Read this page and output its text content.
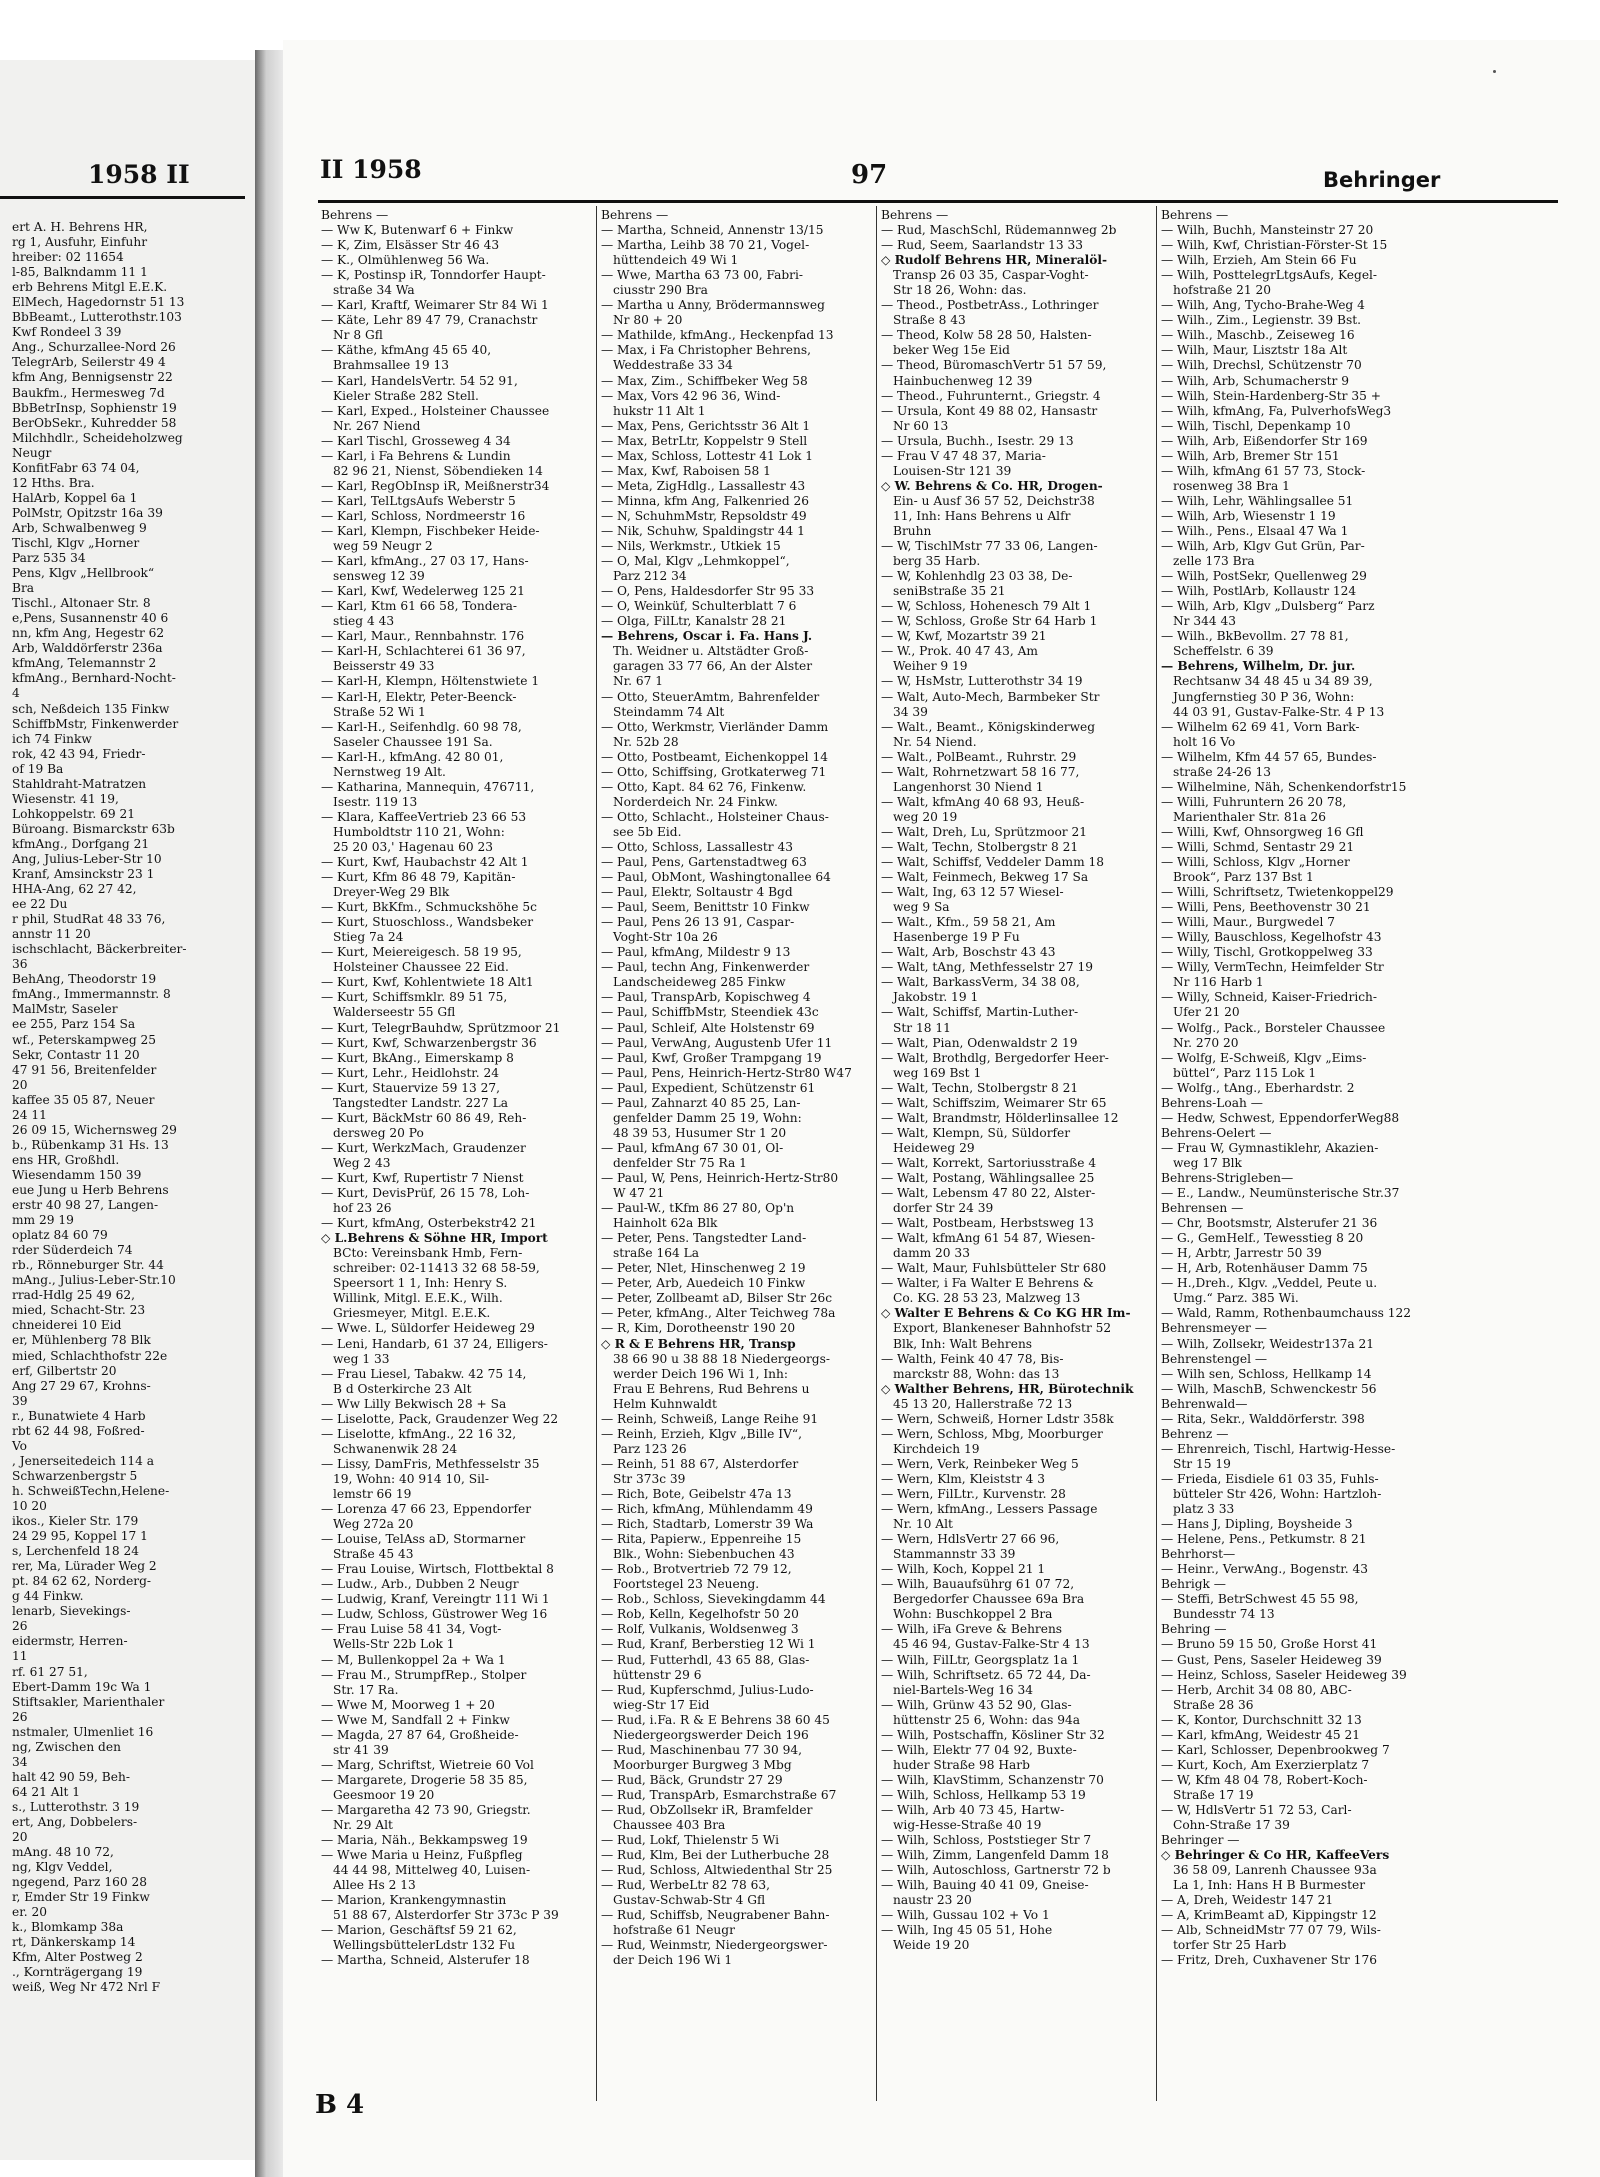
1958 II
ert A. H. Behrens HR,
rg 1, Ausfuhr, Einfuhr
hreiber: 02 11654
l-85, Balkndamm 11 1
erb Behrens Mitgl E.E.K.
ElMech, Hagedornstr 51 13
BbBeamt., Lutterothstr.103
Kwf Rondeel 3 39
Ang., Schurzallee-Nord 26
TelegrArb, Seilerstr 49 4
kfm Ang, Bennigsenstr 22
Baukfm., Hermesweg 7d
BbBetrInsp, Sophienstr 19
BerObSekr., Kuhredder 58
Milchhdlr., Scheideholzweg
Neugr
KonfitFabr 63 74 04,
12 Hths. Bra.
HalArb, Koppel 6a 1
PolMstr, Opitzstr 16a 39
Arb, Schwalbenweg 9
Tischl, Klgv „Horner
Parz 535 34
Pens, Klgv „Hellbrook“
Bra
Tischl., Altonaer Str. 8
e,Pens, Susannenstr 40 6
nn, kfm Ang, Hegestr 62
Arb, Walddörferstr 236a
kfmAng, Telemannstr 2
kfmAng., Bernhard-Nocht-
4
sch, Neßdeich 135 Finkw
SchiffbMstr, Finkenwerder
ich 74 Finkw
rok, 42 43 94, Friedr-
of 19 Ba
Stahldraht-Matratzen
Wiesenstr. 41 19,
Lohkoppelstr. 69 21
Büroang. Bismarckstr 63b
kfmAng., Dorfgang 21
Ang, Julius-Leber-Str 10
Kranf, Amsinckstr 23 1
HHA-Ang, 62 27 42,
ee 22 Du
r phil, StudRat 48 33 76,
annstr 11 20
ischschlacht, Bäckerbreiter-
36
BehAng, Theodorstr 19
fmAng., Immermannstr. 8
MalMstr, Saseler
ee 255, Parz 154 Sa
wf., Peterskampweg 25
Sekr, Contastr 11 20
47 91 56, Breitenfelder
20
kaffee 35 05 87, Neuer
24 11
26 09 15, Wichernsweg 29
b., Rübenkamp 31 Hs. 13
ens HR, Großhdl.
Wiesendamm 150 39
eue Jung u Herb Behrens
erstr 40 98 27, Langen-
mm 29 19
oplatz 84 60 79
rder Süderdeich 74
rb., Rönneburger Str. 44
mAng., Julius-Leber-Str.10
rrad-Hdlg 25 49 62,
mied, Schacht-Str. 23
chneiderei 10 Eid
er, Mühlenberg 78 Blk
mied, Schlachthofstr 22e
erf, Gilbertstr 20
Ang 27 29 67, Krohns-
39
r., Bunatwiete 4 Harb
rbt 62 44 98, Foßred-
Vo
, Jenerseitedeich 114 a
Schwarzenbergstr 5
h. SchweißTechn,Helene-
10 20
ikos., Kieler Str. 179
24 29 95, Koppel 17 1
s, Lerchenfeld 18 24
rer, Ma, Lürader Weg 2
pt. 84 62 62, Norderg-
g 44 Finkw.
lenarb, Sievekings-
26
eidermstr, Herren-
11
rf. 61 27 51,
Ebert-Damm 19c Wa 1
Stiftsakler, Marienthaler
26
nstmaler, Ulmenliet 16
ng, Zwischen den
34
halt 42 90 59, Beh-
64 21 Alt 1
s., Lutterothstr. 3 19
ert, Ang, Dobbelers-
20
mAng. 48 10 72,
ng, Klgv Veddel,
ngegend, Parz 160 28
r, Emder Str 19 Finkw
er. 20
k., Blomkamp 38a
rt, Dänkerskamp 14
Kfm, Alter Postweg 2
., Kornträgergang 19
weiß, Weg Nr 472 Nrl F
II 1958	97	Behringer
Behrens —
— Ww K, Butenwarf 6 + Finkw
— K, Zim, Elsässer Str 46 43
— K., Olmühlenweg 56 Wa.
— K, Postinsp iR, Tonndorfer Haupt-
straße 34 Wa
— Karl, Kraftf, Weimarer Str 84 Wi 1
— Käte, Lehr 89 47 79, Cranachstr
Nr 8 Gfl
— Käthe, kfmAng 45 65 40,
Brahmsallee 19 13
— Karl, HandelsVertr. 54 52 91,
Kieler Straße 282 Stell.
— Karl, Exped., Holsteiner Chaussee
Nr. 267 Niend
— Karl Tischl, Grosseweg 4 34
— Karl, i Fa Behrens & Lundin
82 96 21, Nienst, Söbendieken 14
— Karl, RegObInsp iR, Meißnerstr34
— Karl, TelLtgsAufs Weberstr 5
— Karl, Schloss, Nordmeerstr 16
— Karl, Klempn, Fischbeker Heide-
weg 59 Neugr 2
— Karl, kfmAng., 27 03 17, Hans-
sensweg 12 39
— Karl, Kwf, Wedelerweg 125 21
— Karl, Ktm 61 66 58, Tondera-
stieg 4 43
— Karl, Maur., Rennbahnstr. 176
— Karl-H, Schlachterei 61 36 97,
Beisserstr 49 33
— Karl-H, Klempn, Höltenstwiete 1
— Karl-H, Elektr, Peter-Beenck-
Straße 52 Wi 1
— Karl-H., Seifenhdlg. 60 98 78,
Saseler Chaussee 191 Sa.
— Karl-H., kfmAng. 42 80 01,
Nernstweg 19 Alt.
— Katharina, Mannequin, 476711,
Isestr. 119 13
— Klara, KaffeeVertrieb 23 66 53
Humboldtstr 110 21, Wohn:
25 20 03,' Hagenau 60 23
— Kurt, Kwf, Haubachstr 42 Alt 1
— Kurt, Kfm 86 48 79, Kapitän-
Dreyer-Weg 29 Blk
— Kurt, BkKfm., Schmuckshöhe 5c
— Kurt, Stuoschloss., Wandsbeker
Stieg 7a 24
— Kurt, Meiereigesch. 58 19 95,
Holsteiner Chaussee 22 Eid.
— Kurt, Kwf, Kohlentwiete 18 Alt1
— Kurt, Schiffsmklr. 89 51 75,
Walderseestr 55 Gfl
— Kurt, TelegrBauhdw, Sprützmoor 21
— Kurt, Kwf, Schwarzenbergstr 36
— Kurt, BkAng., Eimerskamp 8
— Kurt, Lehr., Heidlohstr. 24
— Kurt, Stauervize 59 13 27,
Tangstedter Landstr. 227 La
— Kurt, BäckMstr 60 86 49, Reh-
dersweg 20 Po
— Kurt, WerkzMach, Graudenzer
Weg 2 43
— Kurt, Kwf, Rupertistr 7 Nienst
— Kurt, DevisPrüf, 26 15 78, Loh-
hof 23 26
— Kurt, kfmAng, Osterbekstr42 21
◇ L.Behrens & Söhne HR, Import
BCto: Vereinsbank Hmb, Fern-
schreiber: 02-11413 32 68 58-59,
Speersort 1 1, Inh: Henry S.
Willink, Mitgl. E.E.K., Wilh.
Griesmeyer, Mitgl. E.E.K.
— Wwe. L, Süldorfer Heideweg 29
— Leni, Handarb, 61 37 24, Elligers-
weg 1 33
— Frau Liesel, Tabakw. 42 75 14,
B d Osterkirche 23 Alt
— Ww Lilly Bekwisch 28 + Sa
— Liselotte, Pack, Graudenzer Weg 22
— Liselotte, kfmAng., 22 16 32,
Schwanenwik 28 24
— Lissy, DamFris, Methfesselstr 35
19, Wohn: 40 914 10, Sil-
lemstr 66 19
— Lorenza 47 66 23, Eppendorfer
Weg 272a 20
— Louise, TelAss aD, Stormarner
Straße 45 43
— Frau Louise, Wirtsch, Flottbektal 8
— Ludw., Arb., Dubben 2 Neugr
— Ludwig, Kranf, Vereingtr 111 Wi 1
— Ludw, Schloss, Güstrower Weg 16
— Frau Luise 58 41 34, Vogt-
Wells-Str 22b Lok 1
— M, Bullenkoppel 2a + Wa 1
— Frau M., StrumpfRep., Stolper
Str. 17 Ra.
— Wwe M, Moorweg 1 + 20
— Wwe M, Sandfall 2 + Finkw
— Magda, 27 87 64, Großheide-
str 41 39
— Marg, Schriftst, Wietreie 60 Vol
— Margarete, Drogerie 58 35 85,
Geesmoor 19 20
— Margaretha 42 73 90, Griegstr.
Nr. 29 Alt
— Maria, Näh., Bekkampsweg 19
— Wwe Maria u Heinz, Fußpfleg
44 44 98, Mittelweg 40, Luisen-
Allee Hs 2 13
— Marion, Krankengymnastin
51 88 67, Alsterdorfer Str 373c P 39
— Marion, Geschäftsf 59 21 62,
WellingsbüttelerLdstr 132 Fu
— Martha, Schneid, Alsterufer 18
Behrens —
— Martha, Schneid, Annenstr 13/15
— Martha, Leihb 38 70 21, Vogel-
hüttendeich 49 Wi 1
— Wwe, Martha 63 73 00, Fabri-
ciusstr 290 Bra
— Martha u Anny, Brödermannsweg
Nr 80 + 20
— Mathilde, kfmAng., Heckenpfad 13
— Max, i Fa Christopher Behrens,
Weddestraße 33 34
— Max, Zim., Schiffbeker Weg 58
— Max, Vors 42 96 36, Wind-
hukstr 11 Alt 1
— Max, Pens, Gerichtsstr 36 Alt 1
— Max, BetrLtr, Koppelstr 9 Stell
— Max, Schloss, Lottestr 41 Lok 1
— Max, Kwf, Raboisen 58 1
— Meta, ZigHdlg., Lassallestr 43
— Minna, kfm Ang, Falkenried 26
— N, SchuhmMstr, Repsoldstr 49
— Nik, Schuhw, Spaldingstr 44 1
— Nils, Werkmstr., Utkiek 15
— O, Mal, Klgv „Lehmkoppel“,
Parz 212 34
— O, Pens, Haldesdorfer Str 95 33
— O, Weinküf, Schulterblatt 7 6
— Olga, FilLtr, Kanalstr 28 21
— Behrens, Oscar i. Fa. Hans J.
Th. Weidner u. Altstädter Groß-
garagen 33 77 66, An der Alster
Nr. 67 1
— Otto, SteuerAmtm, Bahrenfelder
Steindamm 74 Alt
— Otto, Werkmstr, Vierländer Damm
Nr. 52b 28
— Otto, Postbeamt, Eichenkoppel 14
— Otto, Schiffsing, Grotkaterweg 71
— Otto, Kapt. 84 62 76, Finkenw.
Norderdeich Nr. 24 Finkw.
— Otto, Schlacht., Holsteiner Chaus-
see 5b Eid.
— Otto, Schloss, Lassallestr 43
— Paul, Pens, Gartenstadtweg 63
— Paul, ObMont, Washingtonallee 64
— Paul, Elektr, Soltaustr 4 Bgd
— Paul, Seem, Benittstr 10 Finkw
— Paul, Pens 26 13 91, Caspar-
Voght-Str 10a 26
— Paul, kfmAng, Mildestr 9 13
— Paul, techn Ang, Finkenwerder
Landscheideweg 285 Finkw
— Paul, TranspArb, Kopischweg 4
— Paul, SchiffbMstr, Steendiek 43c
— Paul, Schleif, Alte Holstenstr 69
— Paul, VerwAng, Augustenb Ufer 11
— Paul, Kwf, Großer Trampgang 19
— Paul, Pens, Heinrich-Hertz-Str80 W47
— Paul, Expedient, Schützenstr 61
— Paul, Zahnarzt 40 85 25, Lan-
genfelder Damm 25 19, Wohn:
48 39 53, Husumer Str 1 20
— Paul, kfmAng 67 30 01, Ol-
denfelder Str 75 Ra 1
— Paul, W, Pens, Heinrich-Hertz-Str80
W 47 21
— Paul-W., tKfm 86 27 80, Op'n
Hainholt 62a Blk
— Peter, Pens. Tangstedter Land-
straße 164 La
— Peter, Nlet, Hinschenweg 2 19
— Peter, Arb, Auedeich 10 Finkw
— Peter, Zollbeamt aD, Bilser Str 26c
— Peter, kfmAng., Alter Teichweg 78a
— R, Kim, Dorotheenstr 190 20
◇ R & E Behrens HR, Transp
38 66 90 u 38 88 18 Niedergeorgs-
werder Deich 196 Wi 1, Inh:
Frau E Behrens, Rud Behrens u
Helm Kuhnwaldt
— Reinh, Schweiß, Lange Reihe 91
— Reinh, Erzieh, Klgv „Bille IV“,
Parz 123 26
— Reinh, 51 88 67, Alsterdorfer
Str 373c 39
— Rich, Bote, Geibelstr 47a 13
— Rich, kfmAng, Mühlendamm 49
— Rich, Stadtarb, Lomerstr 39 Wa
— Rita, Papierw., Eppenreihe 15
Blk., Wohn: Siebenbuchen 43
— Rob., Brotvertrieb 72 79 12,
Foortstegel 23 Neueng.
— Rob., Schloss, Sievekingdamm 44
— Rob, Kelln, Kegelhofstr 50 20
— Rolf, Vulkanis, Woldsenweg 3
— Rud, Kranf, Berberstieg 12 Wi 1
— Rud, Futterhdl, 43 65 88, Glas-
hüttenstr 29 6
— Rud, Kupferschmd, Julius-Ludo-
wieg-Str 17 Eid
— Rud, i.Fa. R & E Behrens 38 60 45
Niedergeorgswerder Deich 196
— Rud, Maschinenbau 77 30 94,
Moorburger Burgweg 3 Mbg
— Rud, Bäck, Grundstr 27 29
— Rud, TranspArb, Esmarchstraße 67
— Rud, ObZollsekr iR, Bramfelder
Chaussee 403 Bra
— Rud, Lokf, Thielenstr 5 Wi
— Rud, Klm, Bei der Lutherbuche 28
— Rud, Schloss, Altwiedenthal Str 25
— Rud, WerbeLtr 82 78 63,
Gustav-Schwab-Str 4 Gfl
— Rud, Schiffsb, Neugrabener Bahn-
hofstraße 61 Neugr
— Rud, Weinmstr, Niedergeorgswer-
der Deich 196 Wi 1
Behrens —
— Rud, MaschSchl, Rüdemannweg 2b
— Rud, Seem, Saarlandstr 13 33
◇ Rudolf Behrens HR, Mineralöl-
Transp 26 03 35, Caspar-Voght-
Str 18 26, Wohn: das.
— Theod., PostbetrAss., Lothringer
Straße 8 43
— Theod, Kolw 58 28 50, Halsten-
beker Weg 15e Eid
— Theod, BüromaschVertr 51 57 59,
Hainbuchenweg 12 39
— Theod., Fuhrunternt., Griegstr. 4
— Ursula, Kont 49 88 02, Hansastr
Nr 60 13
— Ursula, Buchh., Isestr. 29 13
— Frau V 47 48 37, Maria-
Louisen-Str 121 39
◇ W. Behrens & Co. HR, Drogen-
Ein- u Ausf 36 57 52, Deichstr38
11, Inh: Hans Behrens u Alfr
Bruhn
— W, TischlMstr 77 33 06, Langen-
berg 35 Harb.
— W, Kohlenhdlg 23 03 38, De-
seniBstraße 35 21
— W, Schloss, Hohenesch 79 Alt 1
— W, Schloss, Große Str 64 Harb 1
— W, Kwf, Mozartstr 39 21
— W., Prok. 40 47 43, Am
Weiher 9 19
— W, HsMstr, Lutterothstr 34 19
— Walt, Auto-Mech, Barmbeker Str
34 39
— Walt., Beamt., Königskinderweg
Nr. 54 Niend.
— Walt., PolBeamt., Ruhrstr. 29
— Walt, Rohrnetzwart 58 16 77,
Langenhorst 30 Niend 1
— Walt, kfmAng 40 68 93, Heuß-
weg 20 19
— Walt, Dreh, Lu, Sprützmoor 21
— Walt, Techn, Stolbergstr 8 21
— Walt, Schiffsf, Veddeler Damm 18
— Walt, Feinmech, Bekweg 17 Sa
— Walt, Ing, 63 12 57 Wiesel-
weg 9 Sa
— Walt., Kfm., 59 58 21, Am
Hasenberge 19 P Fu
— Walt, Arb, Boschstr 43 43
— Walt, tAng, Methfesselstr 27 19
— Walt, BarkassVerm, 34 38 08,
Jakobstr. 19 1
— Walt, Schiffsf, Martin-Luther-
Str 18 11
— Walt, Pian, Odenwaldstr 2 19
— Walt, Brothdlg, Bergedorfer Heer-
weg 169 Bst 1
— Walt, Techn, Stolbergstr 8 21
— Walt, Schiffszim, Weimarer Str 65
— Walt, Brandmstr, Hölderlinsallee 12
— Walt, Klempn, Sü, Süldorfer
Heideweg 29
— Walt, Korrekt, Sartoriusstraße 4
— Walt, Postang, Wählingsallee 25
— Walt, Lebensm 47 80 22, Alster-
dorfer Str 24 39
— Walt, Postbeam, Herbstsweg 13
— Walt, kfmAng 61 54 87, Wiesen-
damm 20 33
— Walt, Maur, Fuhlsbütteler Str 680
— Walter, i Fa Walter E Behrens &
Co. KG. 28 53 23, Malzweg 13
◇ Walter E Behrens & Co KG HR Im-
Export, Blankeneser Bahnhofstr 52
Blk, Inh: Walt Behrens
— Walth, Feink 40 47 78, Bis-
marckstr 88, Wohn: das 13
◇ Walther Behrens, HR, Bürotechnik
45 13 20, Hallerstraße 72 13
— Wern, Schweiß, Horner Ldstr 358k
— Wern, Schloss, Mbg, Moorburger
Kirchdeich 19
— Wern, Verk, Reinbeker Weg 5
— Wern, Klm, Kleiststr 4 3
— Wern, FilLtr., Kurvenstr. 28
— Wern, kfmAng., Lessers Passage
Nr. 10 Alt
— Wern, HdlsVertr 27 66 96,
Stammannstr 33 39
— Wilh, Koch, Koppel 21 1
— Wilh, Bauaufsührg 61 07 72,
Bergedorfer Chaussee 69a Bra
Wohn: Buschkoppel 2 Bra
— Wilh, iFa Greve & Behrens
45 46 94, Gustav-Falke-Str 4 13
— Wilh, FilLtr, Georgsplatz 1a 1
— Wilh, Schriftsetz. 65 72 44, Da-
niel-Bartels-Weg 16 34
— Wilh, Grünw 43 52 90, Glas-
hüttenstr 25 6, Wohn: das 94a
— Wilh, Postschaffn, Kösliner Str 32
— Wilh, Elektr 77 04 92, Buxte-
huder Straße 98 Harb
— Wilh, KlavStimm, Schanzenstr 70
— Wilh, Schloss, Hellkamp 53 19
— Wilh, Arb 40 73 45, Hartw-
wig-Hesse-Straße 40 19
— Wilh, Schloss, Poststieger Str 7
— Wilh, Zimm, Langenfeld Damm 18
— Wilh, Autoschloss, Gartnerstr 72 b
— Wilh, Bauing 40 41 09, Gneise-
naustr 23 20
— Wilh, Gussau 102 + Vo 1
— Wilh, Ing 45 05 51, Hohe
Weide 19 20
Behrens —
— Wilh, Buchh, Mansteinstr 27 20
— Wilh, Kwf, Christian-Förster-St 15
— Wilh, Erzieh, Am Stein 66 Fu
— Wilh, PosttelegrLtgsAufs, Kegel-
hofstraße 21 20
— Wilh, Ang, Tycho-Brahe-Weg 4
— Wilh., Zim., Legienstr. 39 Bst.
— Wilh., Maschb., Zeiseweg 16
— Wilh, Maur, Lisztstr 18a Alt
— Wilh, Drechsl, Schützenstr 70
— Wilh, Arb, Schumacherstr 9
— Wilh, Stein-Hardenberg-Str 35 +
— Wilh, kfmAng, Fa, PulverhofsWeg3
— Wilh, Tischl, Depenkamp 10
— Wilh, Arb, Eißendorfer Str 169
— Wilh, Arb, Bremer Str 151
— Wilh, kfmAng 61 57 73, Stock-
rosenweg 38 Bra 1
— Wilh, Lehr, Wählingsallee 51
— Wilh, Arb, Wiesenstr 1 19
— Wilh., Pens., Elsaal 47 Wa 1
— Wilh, Arb, Klgv Gut Grün, Par-
zelle 173 Bra
— Wilh, PostSekr, Quellenweg 29
— Wilh, PostlArb, Kollaustr 124
— Wilh, Arb, Klgv „Dulsberg“ Parz
Nr 344 43
— Wilh., BkBevollm. 27 78 81,
Scheffelstr. 6 39
— Behrens, Wilhelm, Dr. jur.
Rechtsanw 34 48 45 u 34 89 39,
Jungfernstieg 30 P 36, Wohn:
44 03 91, Gustav-Falke-Str. 4 P 13
— Wilhelm 62 69 41, Vorn Bark-
holt 16 Vo
— Wilhelm, Kfm 44 57 65, Bundes-
straße 24-26 13
— Wilhelmine, Näh, Schenkendorfstr15
— Willi, Fuhruntern 26 20 78,
Marienthaler Str. 81a 26
— Willi, Kwf, Ohnsorgweg 16 Gfl
— Willi, Schmd, Sentastr 29 21
— Willi, Schloss, Klgv „Horner
Brook“, Parz 137 Bst 1
— Willi, Schriftsetz, Twietenkoppel29
— Willi, Pens, Beethovenstr 30 21
— Willi, Maur., Burgwedel 7
— Willy, Bauschloss, Kegelhofstr 43
— Willy, Tischl, Grotkoppelweg 33
— Willy, VermTechn, Heimfelder Str
Nr 116 Harb 1
— Willy, Schneid, Kaiser-Friedrich-
Ufer 21 20
— Wolfg., Pack., Borsteler Chaussee
Nr. 270 20
— Wolfg, E-Schweiß, Klgv „Eims-
büttel“, Parz 115 Lok 1
— Wolfg., tAng., Eberhardstr. 2
Behrens-Loah —
— Hedw, Schwest, EppendorferWeg88
Behrens-Oelert —
— Frau W, Gymnastiklehr, Akazien-
weg 17 Blk
Behrens-Strigleben—
— E., Landw., Neumünsterische Str.37
Behrensen —
— Chr, Bootsmstr, Alsterufer 21 36
— G., GemHelf., Tewesstieg 8 20
— H, Arbtr, Jarrestr 50 39
— H, Arb, Rotenhäuser Damm 75
— H.,Dreh., Klgv. „Veddel, Peute u.
Umg.“ Parz. 385 Wi.
— Wald, Ramm, Rothenbaumchauss 122
Behrensmeyer —
— Wilh, Zollsekr, Weidestr137a 21
Behrenstengel —
— Wilh sen, Schloss, Hellkamp 14
— Wilh, MaschB, Schwenckestr 56
Behrenwald—
— Rita, Sekr., Walddörferstr. 398
Behrenz —
— Ehrenreich, Tischl, Hartwig-Hesse-
Str 15 19
— Frieda, Eisdiele 61 03 35, Fuhls-
bütteler Str 426, Wohn: Hartzloh-
platz 3 33
— Hans J, Dipling, Boysheide 3
— Helene, Pens., Petkumstr. 8 21
Behrhorst—
— Heinr., VerwAng., Bogenstr. 43
Behrigk —
— Steffi, BetrSchwest 45 55 98,
Bundesstr 74 13
Behring —
— Bruno 59 15 50, Große Horst 41
— Gust, Pens, Saseler Heideweg 39
— Heinz, Schloss, Saseler Heideweg 39
— Herb, Archit 34 08 80, ABC-
Straße 28 36
— K, Kontor, Durchschnitt 32 13
— Karl, kfmAng, Weidestr 45 21
— Karl, Schlosser, Depenbrookweg 7
— Kurt, Koch, Am Exerzierplatz 7
— W, Kfm 48 04 78, Robert-Koch-
Straße 17 19
— W, HdlsVertr 51 72 53, Carl-
Cohn-Straße 17 39
Behringer —
◇ Behringer & Co HR, KaffeeVers
36 58 09, Lanrenh Chaussee 93a
La 1, Inh: Hans H B Burmester
— A, Dreh, Weidestr 147 21
— A, KrimBeamt aD, Kippingstr 12
— Alb, SchneidMstr 77 07 79, Wils-
torfer Str 25 Harb
— Fritz, Dreh, Cuxhavener Str 176
B 4
